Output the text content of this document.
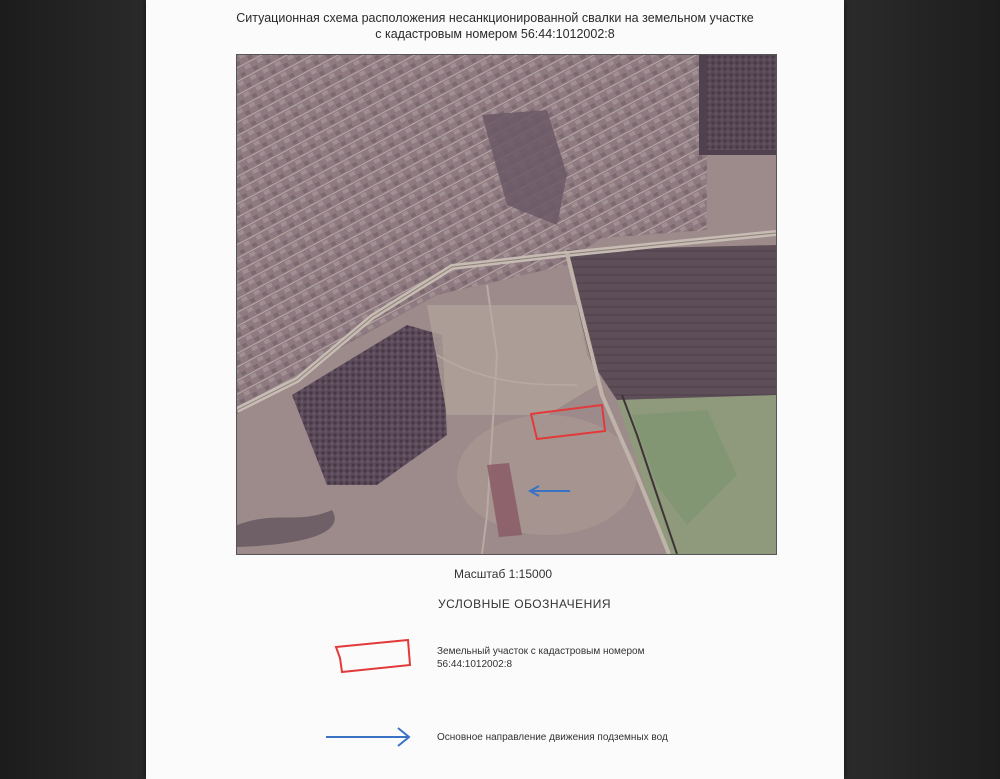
Ситуационная схема расположения несанкционированной свалки на земельном участке
с кадастровым номером 56:44:1012002:8
Масштаб 1:15000
УСЛОВНЫЕ ОБОЗНАЧЕНИЯ
Земельный участок с кадастровым номером
56:44:1012002:8
Основное направление движения подземных вод
